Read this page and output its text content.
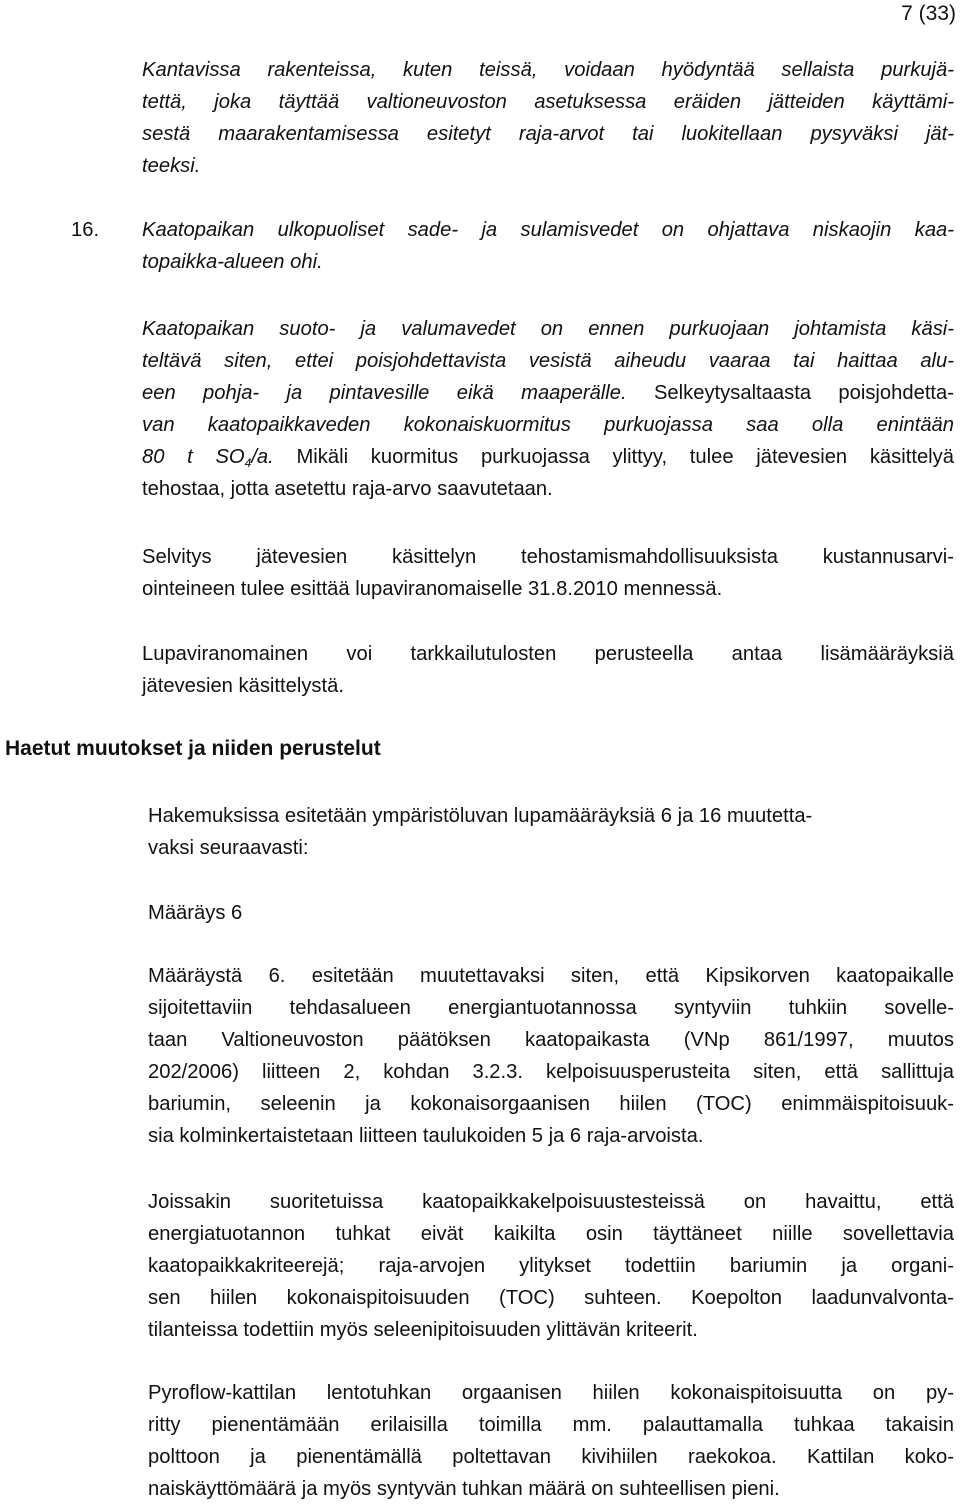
7 (33)
Kantavissa rakenteissa, kuten teissä, voidaan hyödyntää sellaista purkujä-
tettä, joka täyttää valtioneuvoston asetuksessa eräiden jätteiden käyttämi-
sestä maarakentamisessa esitetyt raja-arvot tai luokitellaan pysyväksi jät-
teeksi.
16. Kaatopaikan ulkopuoliset sade- ja sulamisvedet on ohjattava niskaojin kaa-
topaikka-alueen ohi.
Kaatopaikan suoto- ja valumavedet on ennen purkuojaan johtamista käsi-
teltävä siten, ettei poisjohdettavista vesistä aiheudu vaaraa tai haittaa alu-
een pohja- ja pintavesille eikä maaperälle. Selkeytysaltaasta poisjohdetta-
van kaatopaikkaveden kokonaiskuormitus purkuojassa saa olla enintään
80 t $SO_4/a$. Mikäli kuormitus purkuojassa ylittyy, tulee jätevesien käsittelyä
tehostaa, jotta asetettu raja-arvo saavutetaan.
Selvitys jätevesien käsittelyn tehostamismahdollisuuksista kustannusarvi-
ointeineen tulee esittää lupaviranomaiselle 31.8.2010 mennessä.
Lupaviranomainen voi tarkkailutulosten perusteella antaa lisämääräyksiä
jätevesien käsittelystä.
Haetut muutokset ja niiden perustelut
Hakemuksissa esitetään ympäristöluvan lupamääräyksiä 6 ja 16 muutetta-
vaksi seuraavasti:
Määräys 6
Määräystä 6. esitetään muutettavaksi siten, että Kipsikorven kaatopaikalle
sijoitettaviin tehdasalueen energiantuotannossa syntyviin tuhkiin sovelle-
taan Valtioneuvoston päätöksen kaatopaikasta (VNp 861/1997, muutos
202/2006) liitteen 2, kohdan 3.2.3. kelpoisuusperusteita siten, että sallittuja
bariumin, seleenin ja kokonaisorgaanisen hiilen (TOC) enimmäispitoisuuk-
sia kolminkertaistetaan liitteen taulukoiden 5 ja 6 raja-arvoista.
Joissakin suoritetuissa kaatopaikkakelpoisuustesteissä on havaittu, että
energiatuotannon tuhkat eivät kaikilta osin täyttäneet niille sovellettavia
kaatopaikkakriteerejä; raja-arvojen ylitykset todettiin bariumin ja organi-
sen hiilen kokonaispitoisuuden (TOC) suhteen. Koepolton laadunvalvonta-
tilanteissa todettiin myös seleenipitoisuuden ylittävän kriteerit.
Pyroflow-kattilan lentotuhkan orgaanisen hiilen kokonaispitoisuutta on py-
ritty pienentämään erilaisilla toimilla mm. palauttamalla tuhkaa takaisin
polttoon ja pienentämällä poltettavan kivihiilen raekokoa. Kattilan koko-
naiskäyttömäärä ja myös syntyvän tuhkan määrä on suhteellisen pieni.
